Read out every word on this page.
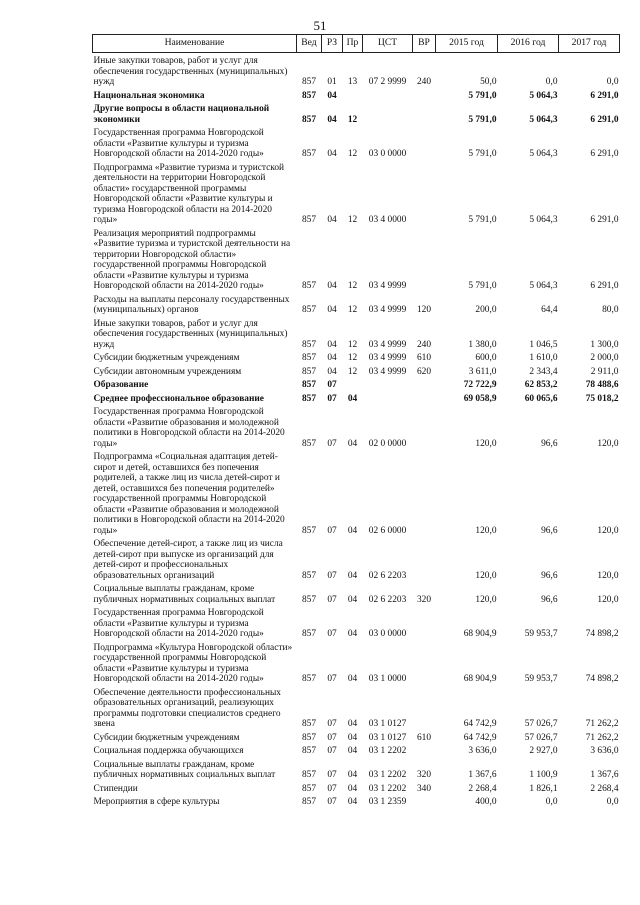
51
Наименование	Вед	РЗ	Пр	ЦСТ	ВР	2015 год	2016 год	2017 год
Иные закупки товаров, работ и услуг для обеспечения государственных (муниципальных) нужд	857	01	13	07 2 9999	240	50,0	0,0	0,0
Национальная экономика	857	04				5 791,0	5 064,3	6 291,0
Другие вопросы в области национальной экономики	857	04	12			5 791,0	5 064,3	6 291,0
Государственная программа Новгородской области «Развитие культуры и туризма Новгородской области на 2014-2020 годы»	857	04	12	03 0 0000		5 791,0	5 064,3	6 291,0
Подпрограмма «Развитие туризма и туристской деятельности на территории Новгородской области» государственной программы Новгородской области «Развитие культуры и туризма Новгородской области на 2014-2020 годы»	857	04	12	03 4 0000		5 791,0	5 064,3	6 291,0
Реализация мероприятий подпрограммы «Развитие туризма и туристской деятельности на территории Новгородской области» государственной программы Новгородской области «Развитие культуры и туризма Новгородской области на 2014-2020 годы»	857	04	12	03 4 9999		5 791,0	5 064,3	6 291,0
Расходы на выплаты персоналу государственных (муниципальных) органов	857	04	12	03 4 9999	120	200,0	64,4	80,0
Иные закупки товаров, работ и услуг для обеспечения государственных (муниципальных) нужд	857	04	12	03 4 9999	240	1 380,0	1 046,5	1 300,0
Субсидии бюджетным учреждениям	857	04	12	03 4 9999	610	600,0	1 610,0	2 000,0
Субсидии автономным учреждениям	857	04	12	03 4 9999	620	3 611,0	2 343,4	2 911,0
Образование	857	07				72 722,9	62 853,2	78 488,6
Среднее профессиональное образование	857	07	04			69 058,9	60 065,6	75 018,2
Государственная программа Новгородской области «Развитие образования и молодежной политики в Новгородской области на 2014-2020 годы»	857	07	04	02 0 0000		120,0	96,6	120,0
Подпрограмма «Социальная адаптация детей-сирот и детей, оставшихся без попечения родителей, а также лиц из числа детей-сирот и детей, оставшихся без попечения родителей» государственной программы Новгородской области «Развитие образования и молодежной политики в Новгородской области на 2014-2020 годы»	857	07	04	02 6 0000		120,0	96,6	120,0
Обеспечение детей-сирот, а также лиц из числа детей-сирот при выпуске из организаций для детей-сирот и профессиональных образовательных организаций	857	07	04	02 6 2203		120,0	96,6	120,0
Социальные выплаты гражданам, кроме публичных нормативных социальных выплат	857	07	04	02 6 2203	320	120,0	96,6	120,0
Государственная программа Новгородской области «Развитие культуры и туризма Новгородской области на 2014-2020 годы»	857	07	04	03 0 0000		68 904,9	59 953,7	74 898,2
Подпрограмма «Культура Новгородской области» государственной программы Новгородской области «Развитие культуры и туризма Новгородской области на 2014-2020 годы»	857	07	04	03 1 0000		68 904,9	59 953,7	74 898,2
Обеспечение деятельности профессиональных образовательных организаций, реализующих программы подготовки специалистов среднего звена	857	07	04	03 1 0127		64 742,9	57 026,7	71 262,2
Субсидии бюджетным учреждениям	857	07	04	03 1 0127	610	64 742,9	57 026,7	71 262,2
Социальная поддержка обучающихся	857	07	04	03 1 2202		3 636,0	2 927,0	3 636,0
Социальные выплаты гражданам, кроме публичных нормативных социальных выплат	857	07	04	03 1 2202	320	1 367,6	1 100,9	1 367,6
Стипендии	857	07	04	03 1 2202	340	2 268,4	1 826,1	2 268,4
Мероприятия в сфере культуры	857	07	04	03 1 2359		400,0	0,0	0,0
